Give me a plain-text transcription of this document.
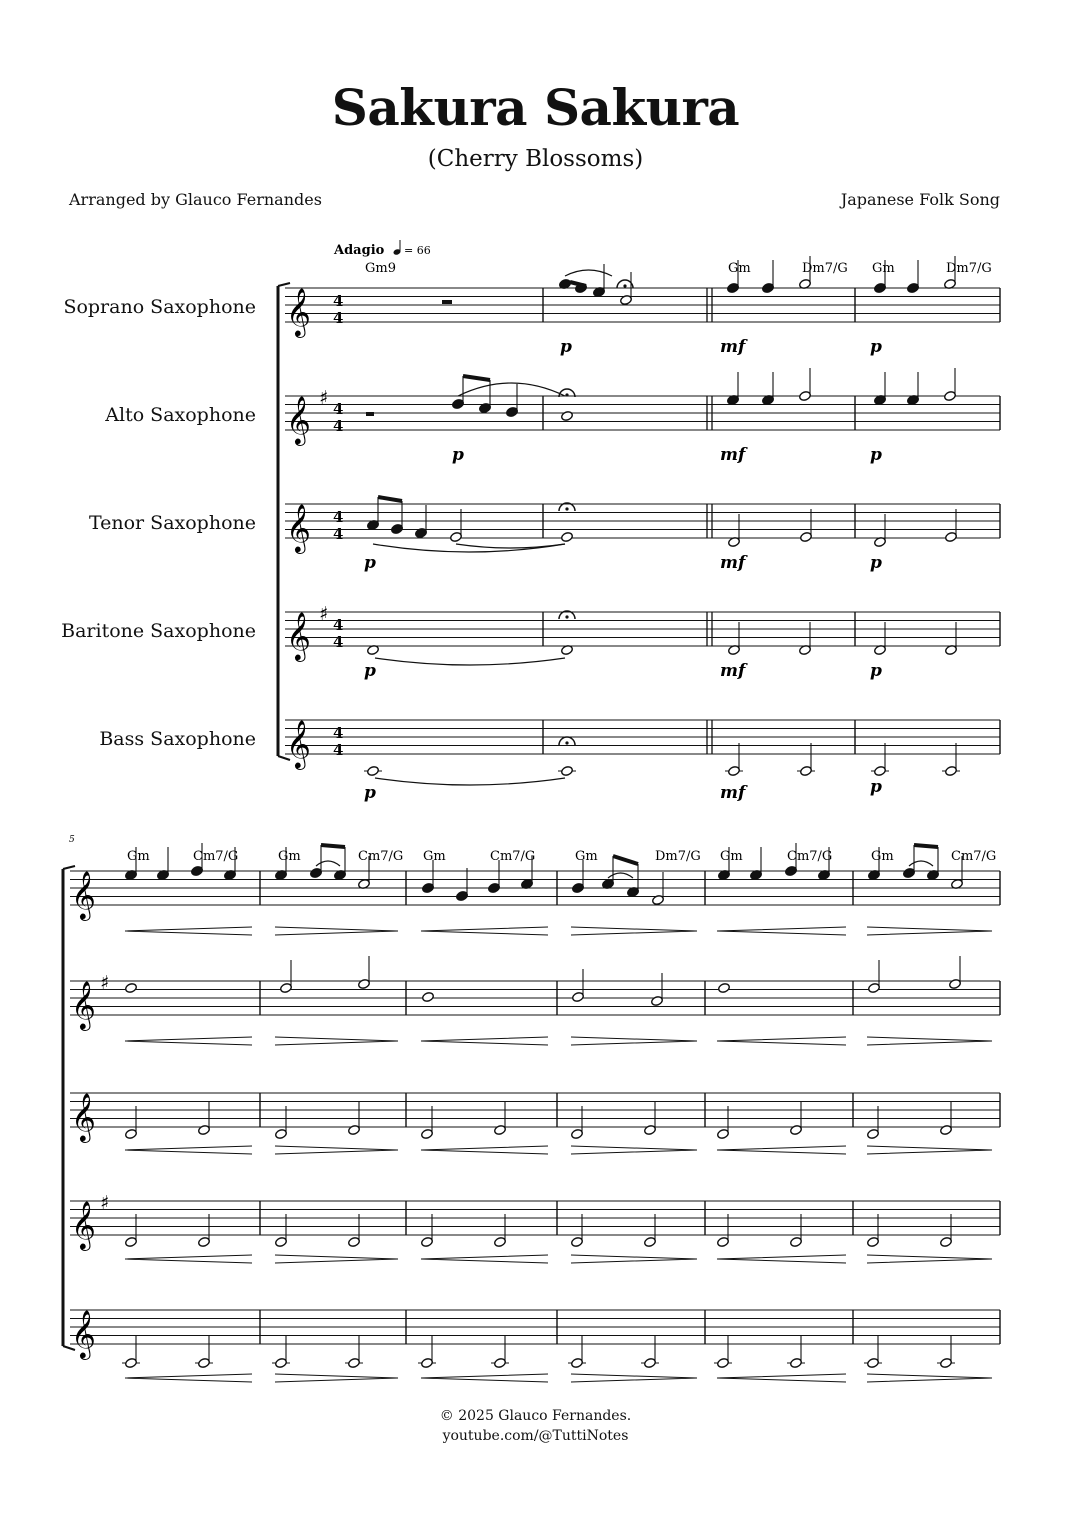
Sakura Sakura
(Cherry Blossoms)
Arranged by Glauco Fernandes	Japanese Folk Song
Soprano Saxophone
Alto Saxophone
Tenor Saxophone
Baritone Saxophone
Bass Saxophone
Adagio = 66
Gm9	Gm	Dm7/G Gm	Dm7/G
5
Gm	Cm7/G	Gm	Cm7/G Gm	Cm7/G	Gm	Dm7/G Gm	Cm7/G	Gm	Cm7/G
p	mf	p
p	mf	p
p	mf	p
p	mf	p
p	mf	p
4
4
4
4
4
4
4
4
4
4
𝄞
𝄞 ♯
𝄞
𝄞 ♯
𝄞
𝄞
𝄞 ♯
𝄞
𝄞 ♯
𝄞
© 2025 Glauco Fernandes.
youtube.com/@TuttiNotes
